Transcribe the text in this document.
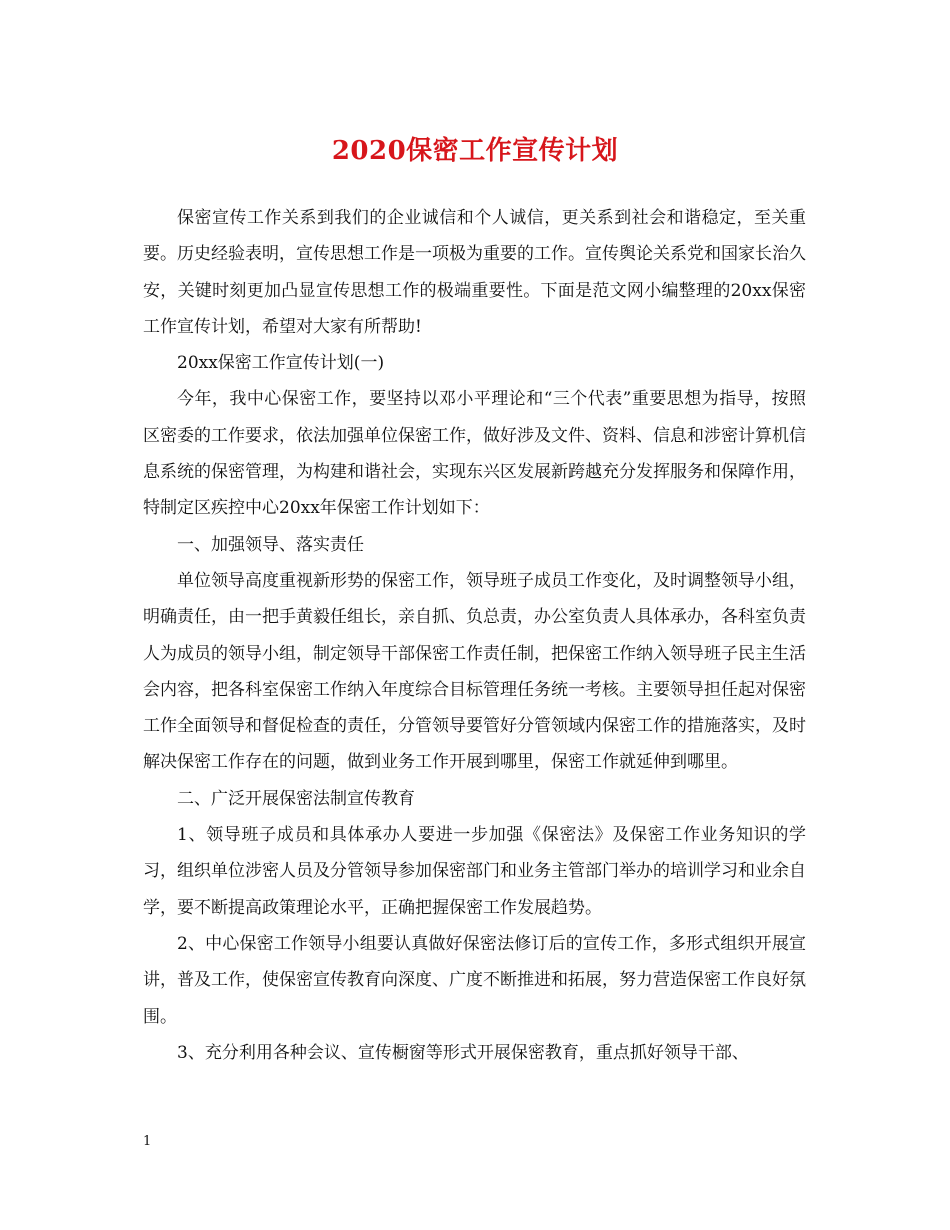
2020保密工作宣传计划

保密宣传工作关系到我们的企业诚信和个人诚信，更关系到社会和谐稳定，至关重要。历史经验表明，宣传思想工作是一项极为重要的工作。宣传舆论关系党和国家长治久安，关键时刻更加凸显宣传思想工作的极端重要性。下面是范文网小编整理的20xx保密工作宣传计划，希望对大家有所帮助!

20xx保密工作宣传计划(一)

今年，我中心保密工作，要坚持以邓小平理论和“三个代表”重要思想为指导，按照区密委的工作要求，依法加强单位保密工作，做好涉及文件、资料、信息和涉密计算机信息系统的保密管理，为构建和谐社会，实现东兴区发展新跨越充分发挥服务和保障作用，特制定区疾控中心20xx年保密工作计划如下：

一、加强领导、落实责任

单位领导高度重视新形势的保密工作，领导班子成员工作变化，及时调整领导小组，明确责任，由一把手黄毅任组长，亲自抓、负总责，办公室负责人具体承办，各科室负责人为成员的领导小组，制定领导干部保密工作责任制，把保密工作纳入领导班子民主生活会内容，把各科室保密工作纳入年度综合目标管理任务统一考核。主要领导担任起对保密工作全面领导和督促检查的责任，分管领导要管好分管领域内保密工作的措施落实，及时解决保密工作存在的问题，做到业务工作开展到哪里，保密工作就延伸到哪里。

二、广泛开展保密法制宣传教育

1、领导班子成员和具体承办人要进一步加强《保密法》及保密工作业务知识的学习，组织单位涉密人员及分管领导参加保密部门和业务主管部门举办的培训学习和业余自学，要不断提高政策理论水平，正确把握保密工作发展趋势。

2、中心保密工作领导小组要认真做好保密法修订后的宣传工作，多形式组织开展宣讲，普及工作，使保密宣传教育向深度、广度不断推进和拓展，努力营造保密工作良好氛围。

3、充分利用各种会议、宣传橱窗等形式开展保密教育，重点抓好领导干部、

1
